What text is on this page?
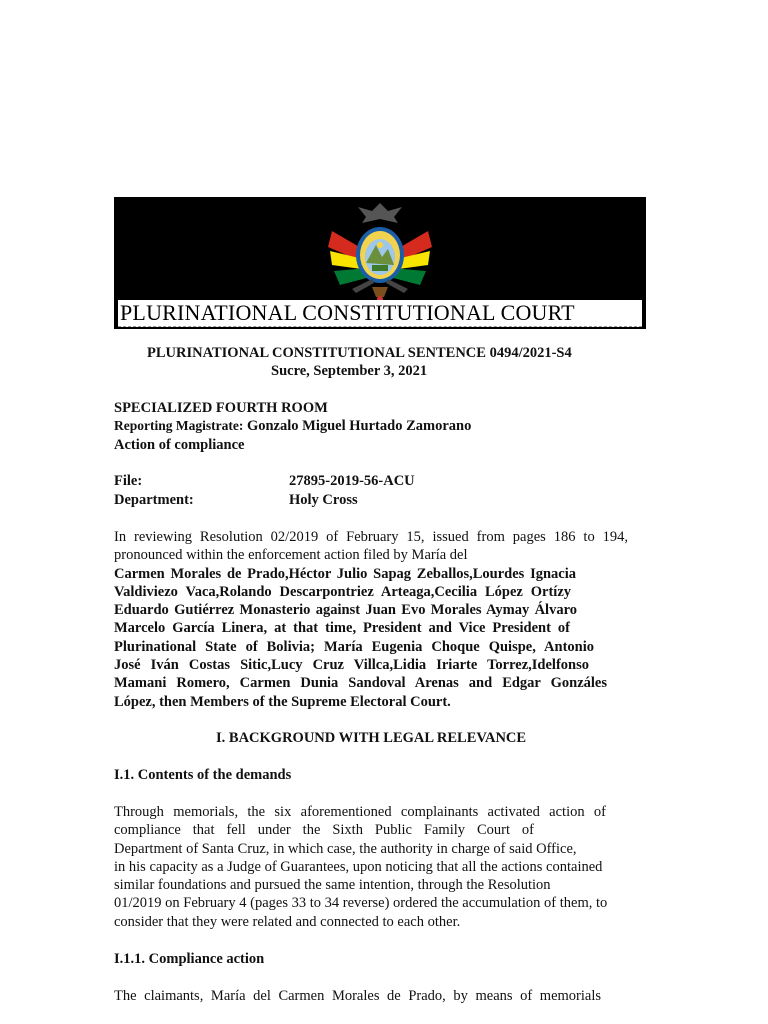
PLURINATIONAL CONSTITUTIONAL COURT
PLURINATIONAL CONSTITUTIONAL SENTENCE 0494/2021-S4
Sucre, September 3, 2021
SPECIALIZED FOURTH ROOM
Reporting Magistrate: Gonzalo Miguel Hurtado Zamorano
Action of compliance
File:	27895-2019-56-ACU
Department:	Holy Cross
In reviewing Resolution 02/2019 of February 15, issued from pages 186 to 194,
pronounced within the enforcement action filed by María del
Carmen Morales de Prado,Héctor Julio Sapag Zeballos,Lourdes Ignacia
Valdiviezo Vaca,Rolando Descarpontriez Arteaga,Cecilia López Ortízy
Eduardo Gutiérrez Monasterio against Juan Evo Morales Aymay Álvaro
Marcelo García Linera, at that time, President and Vice President of
Plurinational State of Bolivia; María Eugenia Choque Quispe, Antonio
José Iván Costas Sitic,Lucy Cruz Villca,Lidia Iriarte Torrez,Idelfonso
Mamani Romero, Carmen Dunia Sandoval Arenas and Edgar Gonzáles
López, then Members of the Supreme Electoral Court.
I. BACKGROUND WITH LEGAL RELEVANCE
I.1. Contents of the demands
Through memorials, the six aforementioned complainants activated action of
compliance that fell under the Sixth Public Family Court of
Department of Santa Cruz, in which case, the authority in charge of said Office,
in his capacity as a Judge of Guarantees, upon noticing that all the actions contained
similar foundations and pursued the same intention, through the Resolution
01/2019 on February 4 (pages 33 to 34 reverse) ordered the accumulation of them, to
consider that they were related and connected to each other.
I.1.1. Compliance action
The claimants, María del Carmen Morales de Prado, by means of memorials
